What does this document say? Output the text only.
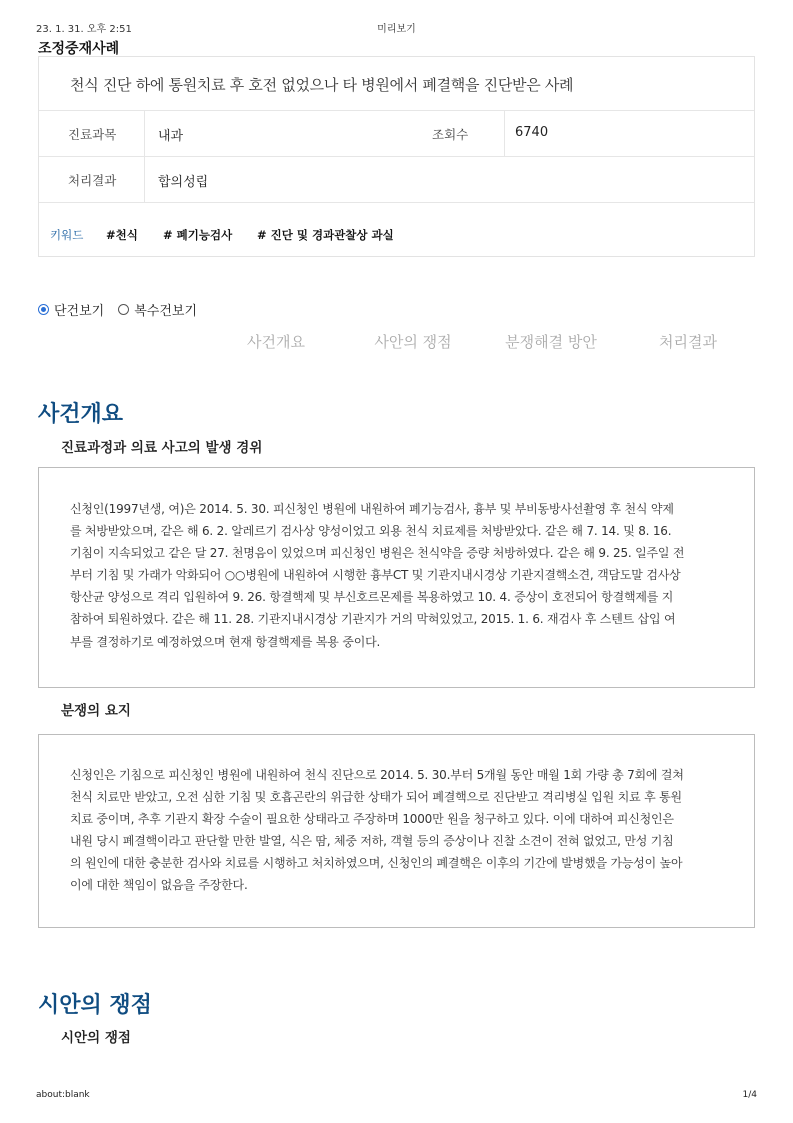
23. 1. 31. 오후 2:51	미리보기
조정중재사례
천식 진단 하에 통원치료 후 호전 없었으나 타 병원에서 폐결핵을 진단받은 사례
진료과목	내과	조회수	6740
처리결과	합의성립
키워드 #천식 # 폐기능검사 # 진단 및 경과관찰상 과실
단건보기 복수건보기
사건개요	사안의 쟁점	분쟁해결 방안	처리결과
사건개요
진료과정과 의료 사고의 발생 경위
신청인(1997년생, 여)은 2014. 5. 30. 피신청인 병원에 내원하여 폐기능검사, 흉부 및 부비동방사선촬영 후 천식 약제
를 처방받았으며, 같은 해 6. 2. 알레르기 검사상 양성이었고 외용 천식 치료제를 처방받았다. 같은 해 7. 14. 및 8. 16.
기침이 지속되었고 같은 달 27. 천명음이 있었으며 피신청인 병원은 천식약을 증량 처방하였다. 같은 해 9. 25. 일주일 전
부터 기침 및 가래가 악화되어 ○○병원에 내원하여 시행한 흉부CT 및 기관지내시경상 기관지결핵소견, 객담도말 검사상
항산균 양성으로 격리 입원하여 9. 26. 항결핵제 및 부신호르몬제를 복용하였고 10. 4. 증상이 호전되어 항결핵제를 지
참하여 퇴원하였다. 같은 해 11. 28. 기관지내시경상 기관지가 거의 막혀있었고, 2015. 1. 6. 재검사 후 스텐트 삽입 여
부를 결정하기로 예정하였으며 현재 항결핵제를 복용 중이다.
분쟁의 요지
신청인은 기침으로 피신청인 병원에 내원하여 천식 진단으로 2014. 5. 30.부터 5개월 동안 매월 1회 가량 총 7회에 걸쳐
천식 치료만 받았고, 오전 심한 기침 및 호흡곤란의 위급한 상태가 되어 폐결핵으로 진단받고 격리병실 입원 치료 후 통원
치료 중이며, 추후 기관지 확장 수술이 필요한 상태라고 주장하며 1000만 원을 청구하고 있다. 이에 대하여 피신청인은
내원 당시 폐결핵이라고 판단할 만한 발열, 식은 땀, 체중 저하, 객혈 등의 증상이나 진찰 소견이 전혀 없었고, 만성 기침
의 원인에 대한 충분한 검사와 치료를 시행하고 처치하였으며, 신청인의 폐결핵은 이후의 기간에 발병했을 가능성이 높아
이에 대한 책임이 없음을 주장한다.
시안의 쟁점
시안의 쟁점
about:blank	1/4
